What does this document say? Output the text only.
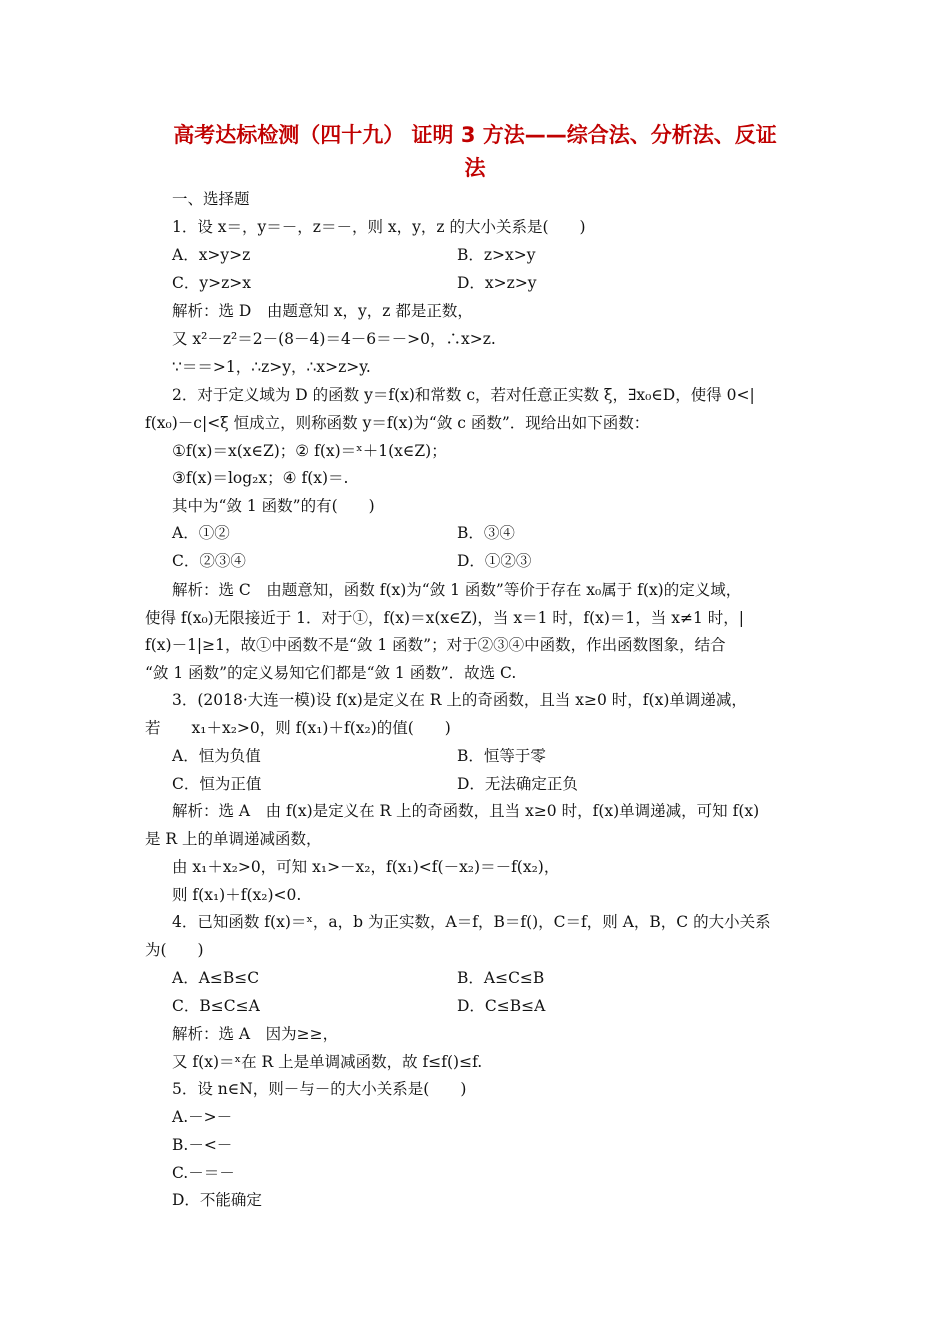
高考达标检测（四十九） 证明 3 方法——综合法、分析法、反证
法
一、选择题
1．设 x＝，y＝－，z＝－，则 x，y，z 的大小关系是(　　)
A．x>y>z	B．z>x>y
C．y>z>x	D．x>z>y
解析：选 D　由题意知 x，y，z 都是正数，
又 x²－z²＝2－(8－4)＝4－6＝－>0，∴x>z.
∵＝＝>1，∴z>y，∴x>z>y.
2．对于定义域为 D 的函数 y＝f(x)和常数 c，若对任意正实数 ξ，∃x₀∈D，使得 0<|
f(x₀)－c|<ξ 恒成立，则称函数 y＝f(x)为“敛 c 函数”．现给出如下函数：
①f(x)＝x(x∈Z)；② f(x)＝ˣ＋1(x∈Z)；
③f(x)＝log₂x；④ f(x)＝.
其中为“敛 1 函数”的有(　　)
A．①②	B．③④
C．②③④	D．①②③
解析：选 C　由题意知，函数 f(x)为“敛 1 函数”等价于存在 x₀属于 f(x)的定义域，
使得 f(x₀)无限接近于 1．对于①，f(x)＝x(x∈Z)，当 x＝1 时，f(x)＝1，当 x≠1 时，|
f(x)－1|≥1，故①中函数不是“敛 1 函数”；对于②③④中函数，作出函数图象，结合
“敛 1 函数”的定义易知它们都是“敛 1 函数”．故选 C.
3．(2018·大连一模)设 f(x)是定义在 R 上的奇函数，且当 x≥0 时，f(x)单调递减，
若　　x₁＋x₂>0，则 f(x₁)＋f(x₂)的值(　　)
A．恒为负值	B．恒等于零
C．恒为正值	D．无法确定正负
解析：选 A　由 f(x)是定义在 R 上的奇函数，且当 x≥0 时，f(x)单调递减，可知 f(x)
是 R 上的单调递减函数，
由 x₁＋x₂>0，可知 x₁>－x₂，f(x₁)<f(－x₂)＝－f(x₂)，
则 f(x₁)＋f(x₂)<0.
4．已知函数 f(x)＝ˣ，a，b 为正实数，A＝f，B＝f()，C＝f，则 A，B，C 的大小关系
为(　　)
A．A≤B≤C	B．A≤C≤B
C．B≤C≤A	D．C≤B≤A
解析：选 A　因为≥≥，
又 f(x)＝ˣ在 R 上是单调减函数，故 f≤f()≤f.
5．设 n∈N，则－与－的大小关系是(　　)
A.－>－
B.－<－
C.－＝－
D．不能确定
